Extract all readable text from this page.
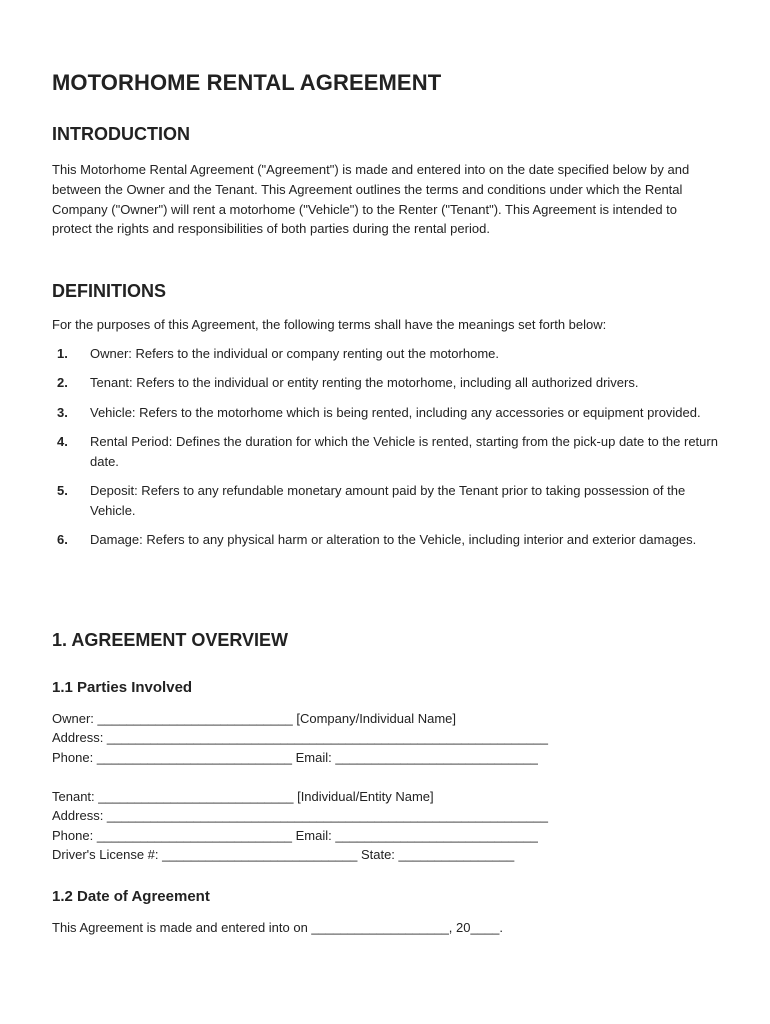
MOTORHOME RENTAL AGREEMENT
INTRODUCTION

This Motorhome Rental Agreement ("Agreement") is made and entered into on the date specified below by and between the Owner and the Tenant. This Agreement outlines the terms and conditions under which the Rental Company ("Owner") will rent a motorhome ("Vehicle") to the Renter ("Tenant"). This Agreement is intended to protect the rights and responsibilities of both parties during the rental period.

DEFINITIONS

For the purposes of this Agreement, the following terms shall have the meanings set forth below:

1. Owner: Refers to the individual or company renting out the motorhome.
2. Tenant: Refers to the individual or entity renting the motorhome, including all authorized drivers.
3. Vehicle: Refers to the motorhome which is being rented, including any accessories or equipment provided.
4. Rental Period: Defines the duration for which the Vehicle is rented, starting from the pick-up date to the return date.
5. Deposit: Refers to any refundable monetary amount paid by the Tenant prior to taking possession of the Vehicle.
6. Damage: Refers to any physical harm or alteration to the Vehicle, including interior and exterior damages.
1. AGREEMENT OVERVIEW
1.1 Parties Involved
Owner: ___________________________ [Company/Individual Name]
Address: _____________________________________________________________
Phone: ___________________________ Email: ____________________________
Tenant: ___________________________ [Individual/Entity Name]
Address: _____________________________________________________________
Phone: ___________________________ Email: ____________________________
Driver's License #: ___________________________ State: ________________
1.2 Date of Agreement

This Agreement is made and entered into on ___________________, 20____.
